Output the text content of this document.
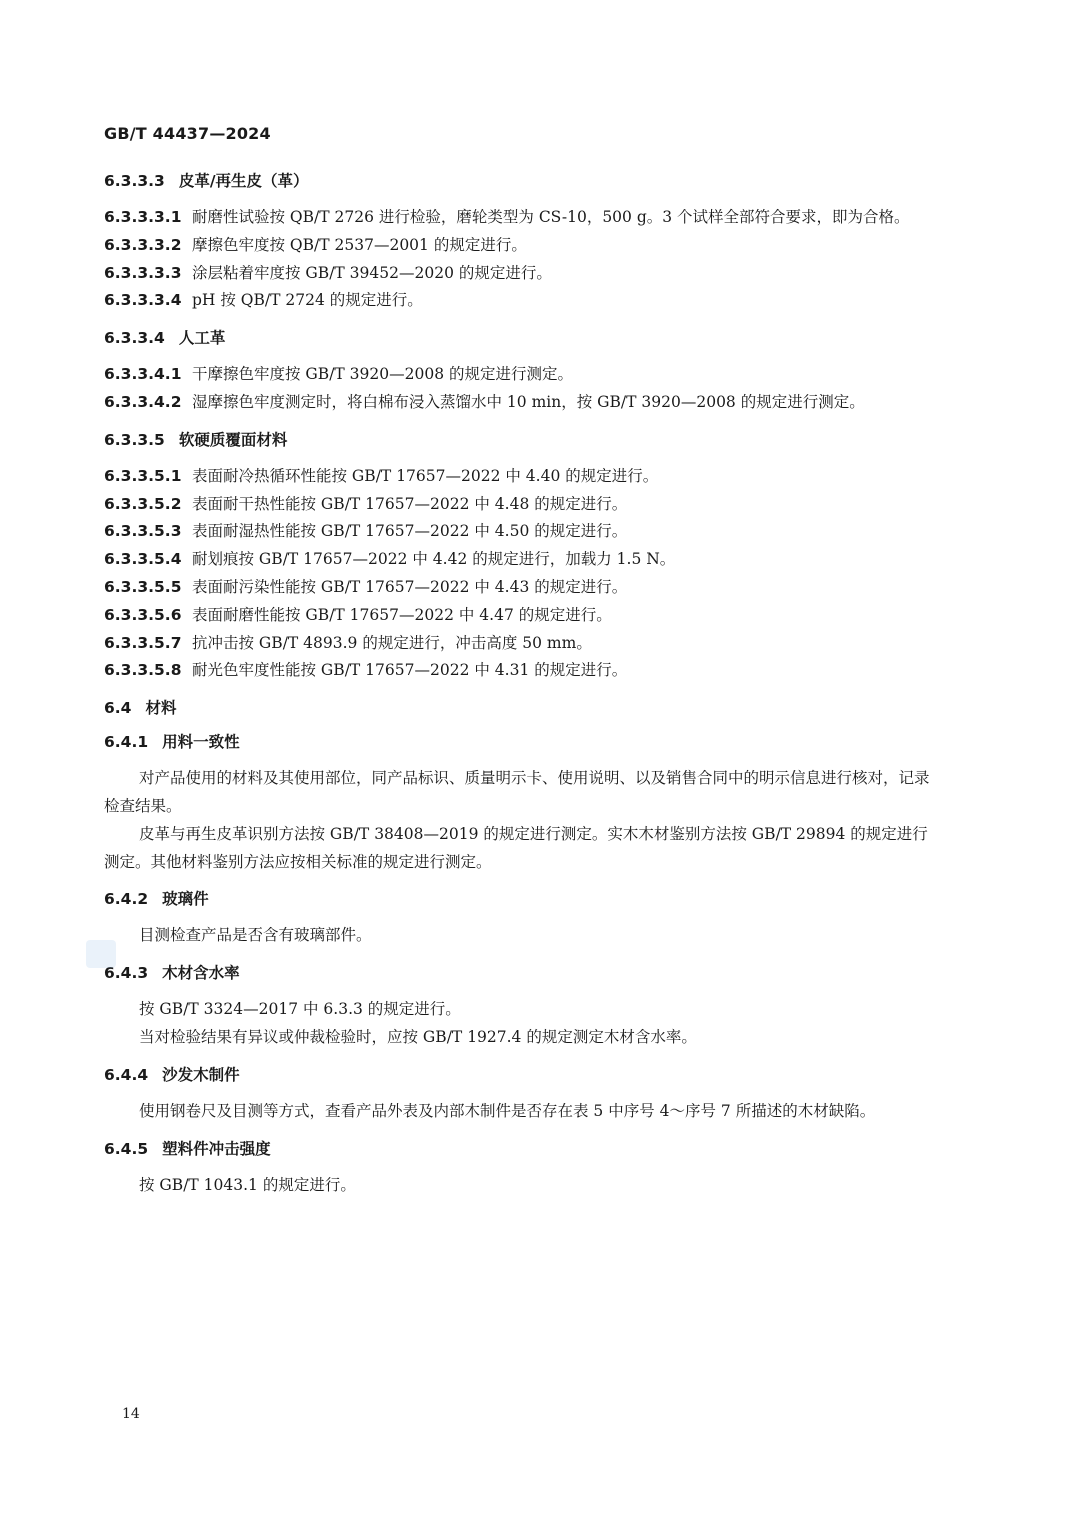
GB/T 44437—2024
6.3.3.3 皮革/再生皮（革）

6.3.3.3.1 耐磨性试验按 QB/T 2726 进行检验，磨轮类型为 CS-10，500 g。3 个试样全部符合要求，即为合格。

6.3.3.3.2 摩擦色牢度按 QB/T 2537—2001 的规定进行。

6.3.3.3.3 涂层粘着牢度按 GB/T 39452—2020 的规定进行。

6.3.3.3.4 pH 按 QB/T 2724 的规定进行。

6.3.3.4 人工革

6.3.3.4.1 干摩擦色牢度按 GB/T 3920—2008 的规定进行测定。

6.3.3.4.2 湿摩擦色牢度测定时，将白棉布浸入蒸馏水中 10 min，按 GB/T 3920—2008 的规定进行测定。

6.3.3.5 软硬质覆面材料

6.3.3.5.1 表面耐冷热循环性能按 GB/T 17657—2022 中 4.40 的规定进行。

6.3.3.5.2 表面耐干热性能按 GB/T 17657—2022 中 4.48 的规定进行。

6.3.3.5.3 表面耐湿热性能按 GB/T 17657—2022 中 4.50 的规定进行。

6.3.3.5.4 耐划痕按 GB/T 17657—2022 中 4.42 的规定进行，加载力 1.5 N。

6.3.3.5.5 表面耐污染性能按 GB/T 17657—2022 中 4.43 的规定进行。

6.3.3.5.6 表面耐磨性能按 GB/T 17657—2022 中 4.47 的规定进行。

6.3.3.5.7 抗冲击按 GB/T 4893.9 的规定进行，冲击高度 50 mm。

6.3.3.5.8 耐光色牢度性能按 GB/T 17657—2022 中 4.31 的规定进行。

6.4 材料
6.4.1 用料一致性

对产品使用的材料及其使用部位，同产品标识、质量明示卡、使用说明、以及销售合同中的明示信息进行核对，记录检查结果。

皮革与再生皮革识别方法按 GB/T 38408—2019 的规定进行测定。实木木材鉴别方法按 GB/T 29894 的规定进行测定。其他材料鉴别方法应按相关标准的规定进行测定。

6.4.2 玻璃件

目测检查产品是否含有玻璃部件。

6.4.3 木材含水率

按 GB/T 3324—2017 中 6.3.3 的规定进行。

当对检验结果有异议或仲裁检验时，应按 GB/T 1927.4 的规定测定木材含水率。

6.4.4 沙发木制件

使用钢卷尺及目测等方式，查看产品外表及内部木制件是否存在表 5 中序号 4～序号 7 所描述的木材缺陷。

6.4.5 塑料件冲击强度

按 GB/T 1043.1 的规定进行。

14
